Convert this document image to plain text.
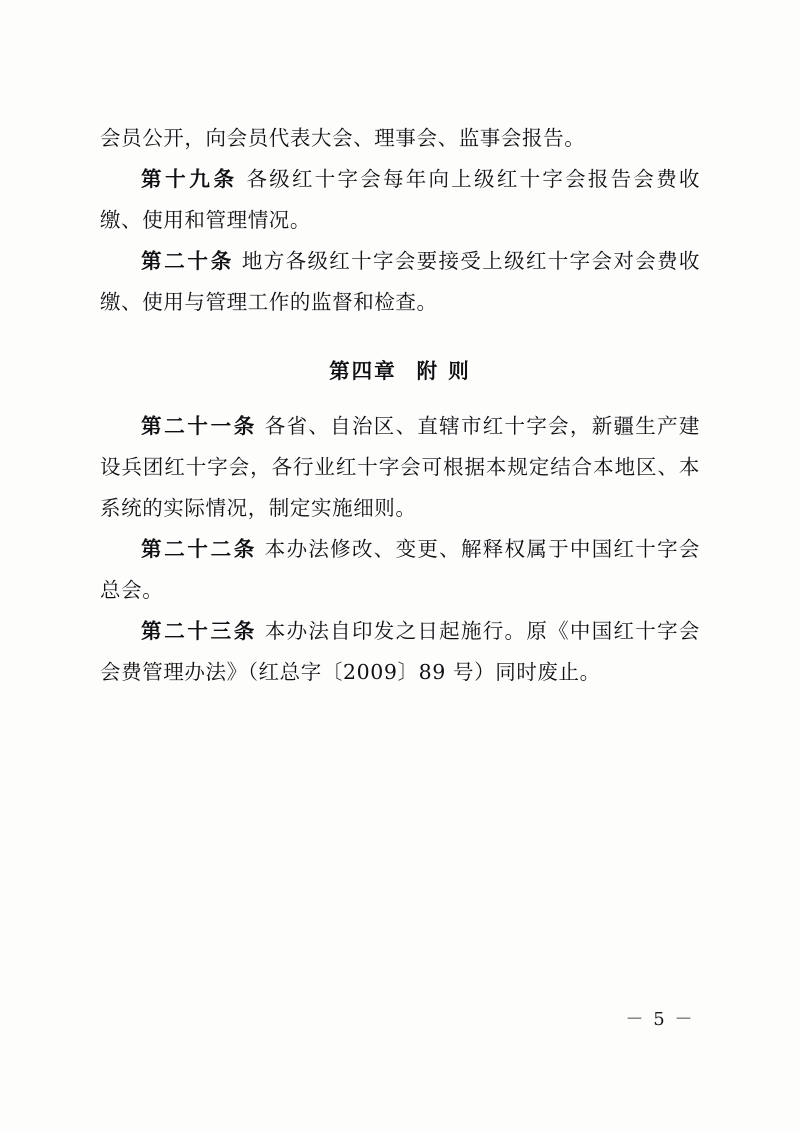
会员公开，向会员代表大会、理事会、监事会报告。

第十九条 各级红十字会每年向上级红十字会报告会费收缴、使用和管理情况。

第二十条 地方各级红十字会要接受上级红十字会对会费收缴、使用与管理工作的监督和检查。

第四章 附 则

第二十一条 各省、自治区、直辖市红十字会，新疆生产建设兵团红十字会，各行业红十字会可根据本规定结合本地区、本系统的实际情况，制定实施细则。

第二十二条 本办法修改、变更、解释权属于中国红十字会总会。

第二十三条 本办法自印发之日起施行。原《中国红十字会会费管理办法》（红总字〔2009〕89 号）同时废止。

－ 5 －
